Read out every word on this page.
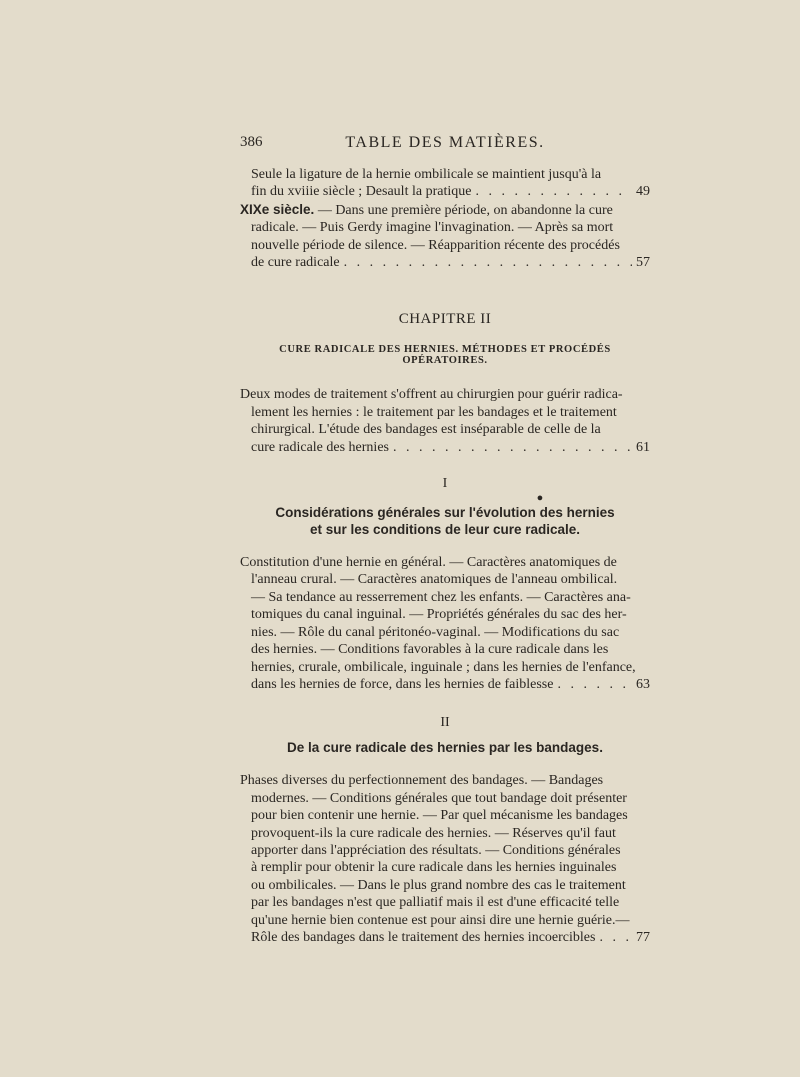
386	TABLE DES MATIÈRES.
Seule la ligature de la hernie ombilicale se maintient jusqu'à la
fin du xviiie siècle ; Desault la pratique . . .	49
XIXe siècle.
— Dans une première période, on abandonne la cure
radicale. — Puis Gerdy imagine l'invagination. — Après sa mort
nouvelle période de silence. — Réapparition récente des procédés
de cure radicale . . .	57
CHAPITRE II
CURE RADICALE DES HERNIES. MÉTHODES ET PROCÉDÉS OPÉRATOIRES.
Deux modes de traitement s'offrent au chirurgien pour guérir radica-
lement les hernies : le traitement par les bandages et le traitement
chirurgical. L'étude des bandages est inséparable de celle de la
cure radicale des hernies . . .	61
I
●
Considérations générales sur l'évolution des hernies
et sur les conditions de leur cure radicale.
Constitution d'une hernie en général. — Caractères anatomiques de
l'anneau crural. — Caractères anatomiques de l'anneau ombilical.
— Sa tendance au resserrement chez les enfants. — Caractères ana-
tomiques du canal inguinal. — Propriétés générales du sac des her-
nies. — Rôle du canal péritonéo-vaginal. — Modifications du sac
des hernies. — Conditions favorables à la cure radicale dans les
hernies, crurale, ombilicale, inguinale ; dans les hernies de l'enfance,
dans les hernies de force, dans les hernies de faiblesse . . .	63
II
De la cure radicale des hernies par les bandages.
Phases diverses du perfectionnement des bandages. — Bandages
modernes. — Conditions générales que tout bandage doit présenter
pour bien contenir une hernie. — Par quel mécanisme les bandages
provoquent-ils la cure radicale des hernies. — Réserves qu'il faut
apporter dans l'appréciation des résultats. — Conditions générales
à remplir pour obtenir la cure radicale dans les hernies inguinales
ou ombilicales. — Dans le plus grand nombre des cas le traitement
par les bandages n'est que palliatif mais il est d'une efficacité telle
qu'une hernie bien contenue est pour ainsi dire une hernie guérie.—
Rôle des bandages dans le traitement des hernies incoercibles . . .	77
